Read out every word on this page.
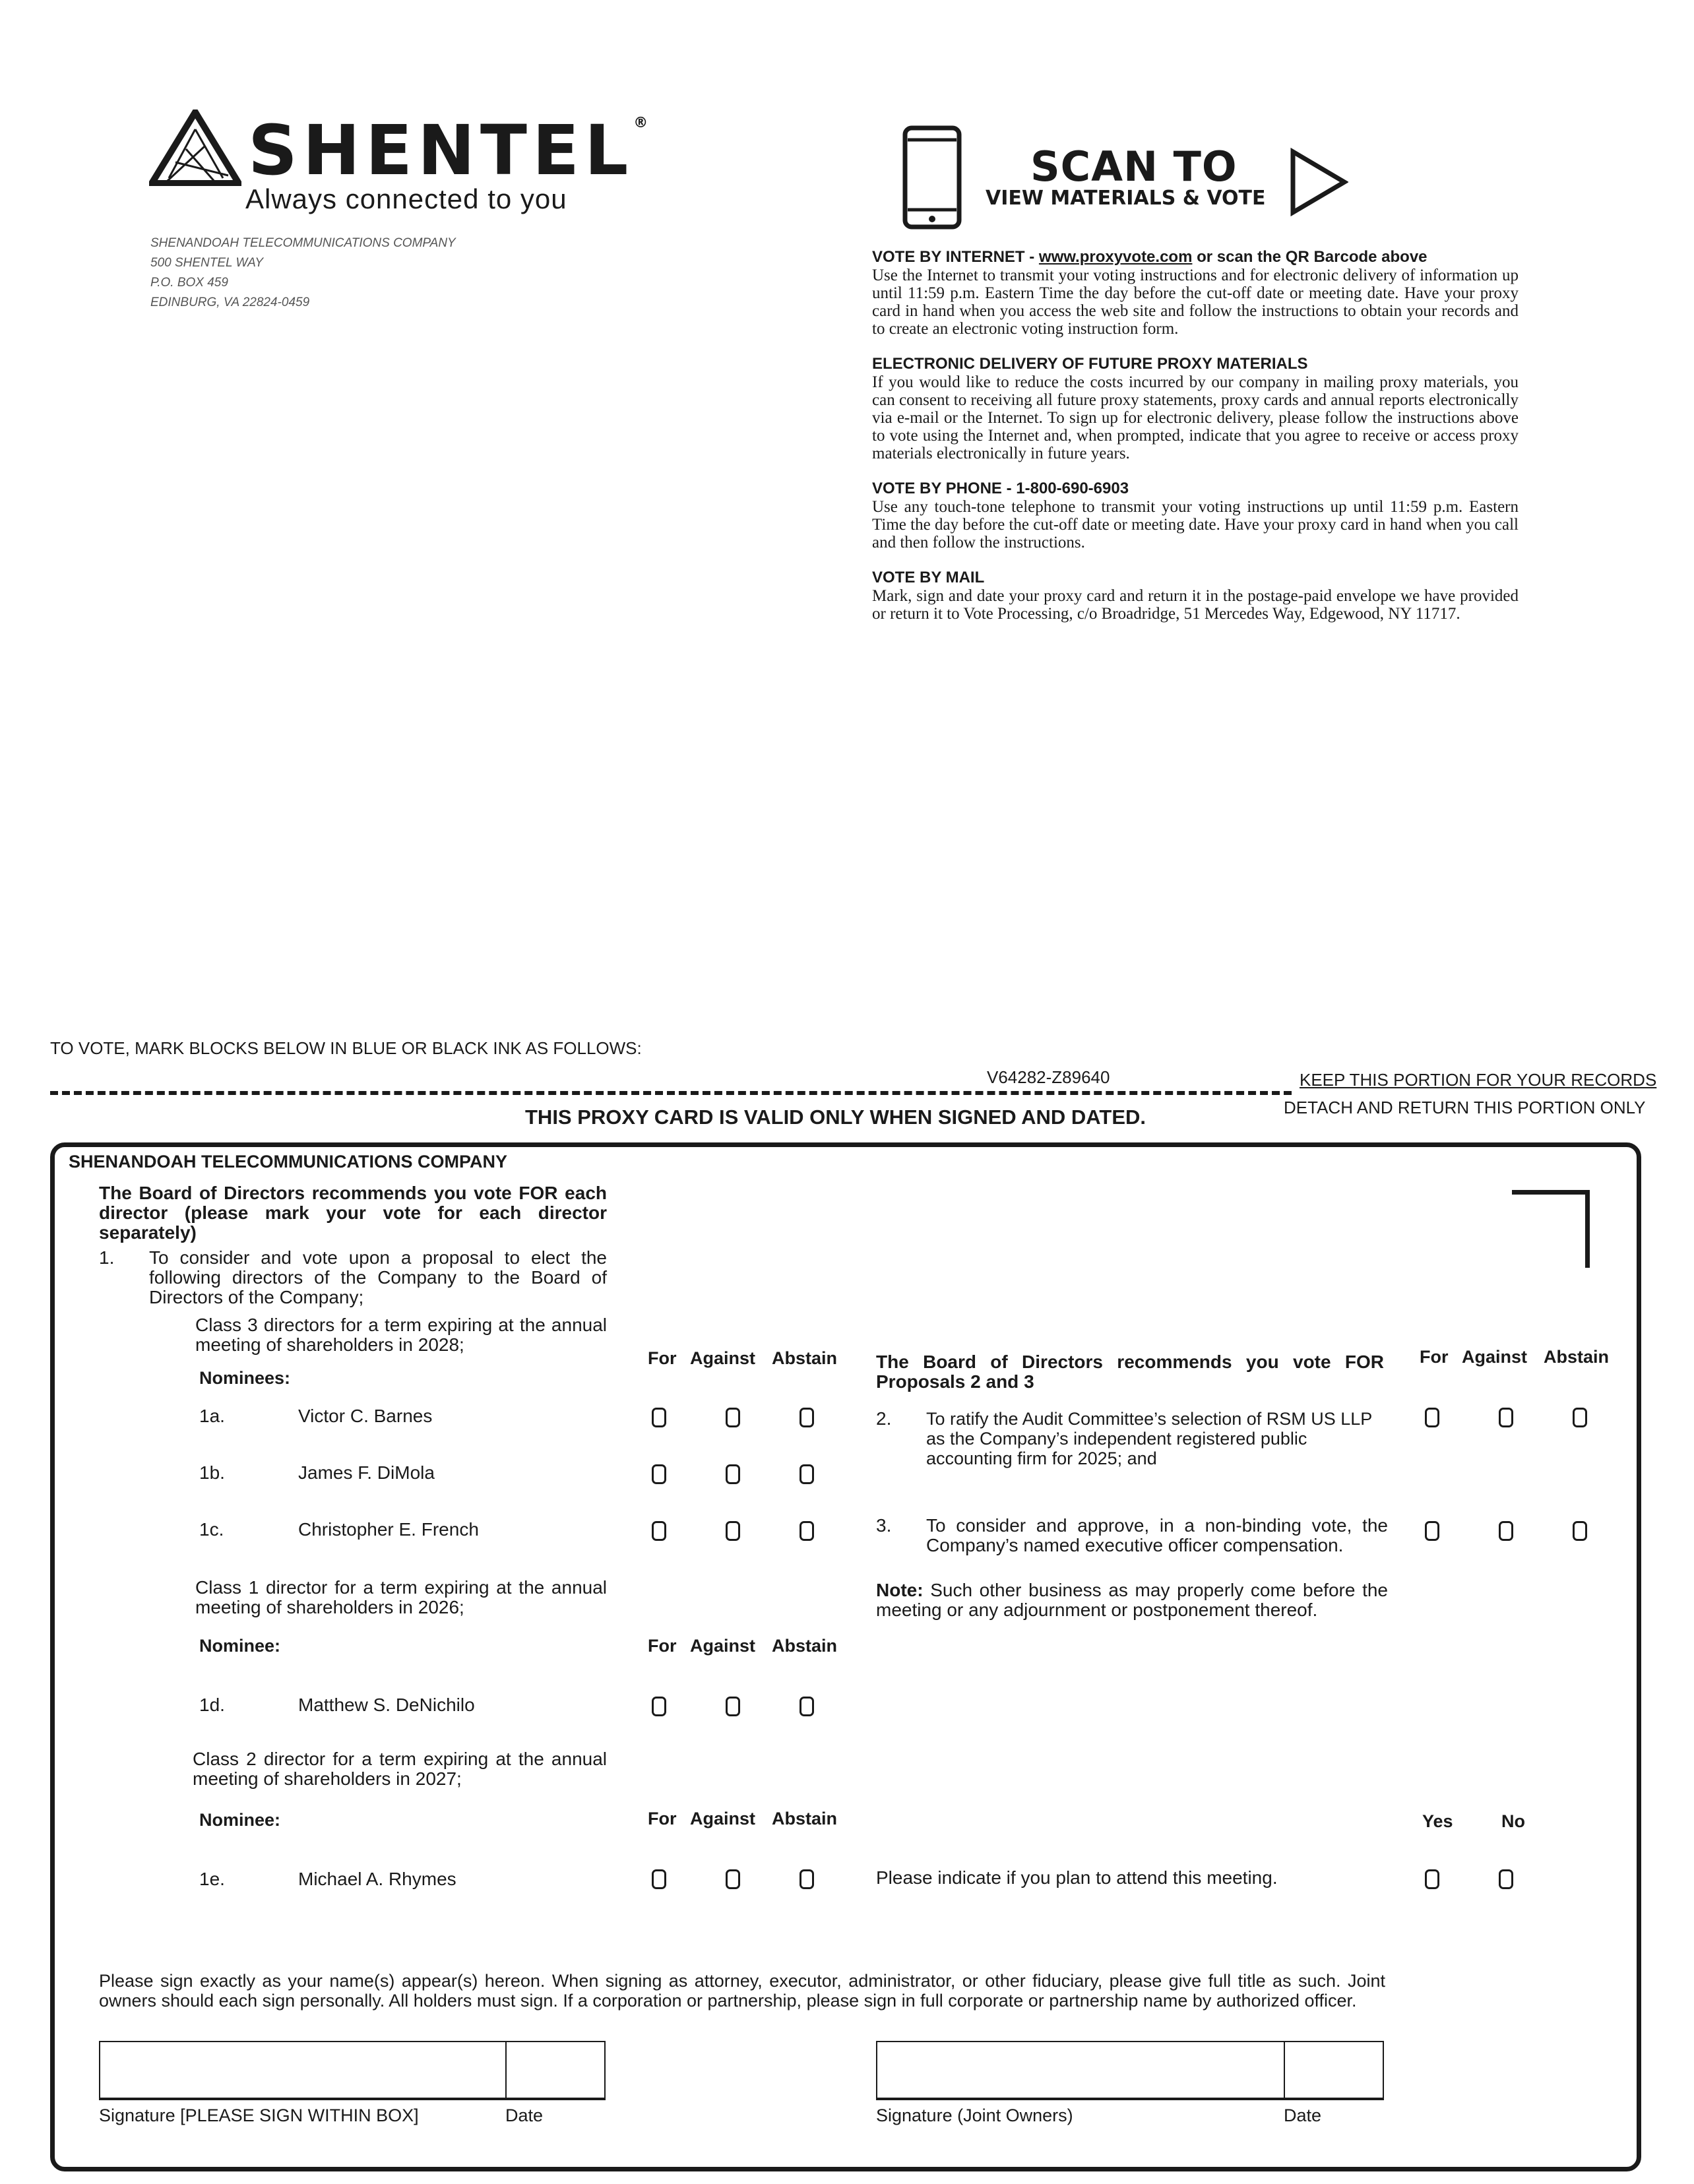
SHENTEL®
Always connected to you
SHENANDOAH TELECOMMUNICATIONS COMPANY
500 SHENTEL WAY
P.O. BOX 459
EDINBURG, VA 22824-0459
SCAN TO
VIEW MATERIALS & VOTE
VOTE BY INTERNET - www.proxyvote.com or scan the QR Barcode above
Use the Internet to transmit your voting instructions and for electronic delivery of information up until 11:59 p.m. Eastern Time the day before the cut-off date or meeting date. Have your proxy card in hand when you access the web site and follow the instructions to obtain your records and to create an electronic voting instruction form.
ELECTRONIC DELIVERY OF FUTURE PROXY MATERIALS
If you would like to reduce the costs incurred by our company in mailing proxy materials, you can consent to receiving all future proxy statements, proxy cards and annual reports electronically via e-mail or the Internet. To sign up for electronic delivery, please follow the instructions above to vote using the Internet and, when prompted, indicate that you agree to receive or access proxy materials electronically in future years.
VOTE BY PHONE - 1-800-690-6903
Use any touch-tone telephone to transmit your voting instructions up until 11:59 p.m. Eastern Time the day before the cut-off date or meeting date. Have your proxy card in hand when you call and then follow the instructions.
VOTE BY MAIL
Mark, sign and date your proxy card and return it in the postage-paid envelope we have provided or return it to Vote Processing, c/o Broadridge, 51 Mercedes Way, Edgewood, NY 11717.
TO VOTE, MARK BLOCKS BELOW IN BLUE OR BLACK INK AS FOLLOWS:
V64282-Z89640	KEEP THIS PORTION FOR YOUR RECORDS
DETACH AND RETURN THIS PORTION ONLY
THIS PROXY CARD IS VALID ONLY WHEN SIGNED AND DATED.
SHENANDOAH TELECOMMUNICATIONS COMPANY
The Board of Directors recommends you vote FOR each director (please mark your vote for each director separately)
1. To consider and vote upon a proposal to elect the following directors of the Company to the Board of Directors of the Company;
Class 3 directors for a term expiring at the annual meeting of shareholders in 2028;
Nominees:
For Against Abstain
1a.	Victor C. Barnes
1b.	James F. DiMola
1c.	Christopher E. French
Class 1 director for a term expiring at the annual meeting of shareholders in 2026;
Nominee:	For Against Abstain
1d.	Matthew S. DeNichilo
Class 2 director for a term expiring at the annual meeting of shareholders in 2027;
Nominee:	For Against Abstain
1e.	Michael A. Rhymes
The Board of Directors recommends you vote FOR Proposals 2 and 3
For Against Abstain
2. To ratify the Audit Committee’s selection of RSM US LLP as the Company’s independent registered public accounting firm for 2025; and
3. To consider and approve, in a non-binding vote, the Company’s named executive officer compensation.
Note: Such other business as may properly come before the meeting or any adjournment or postponement thereof.
Yes	No
Please indicate if you plan to attend this meeting.
Please sign exactly as your name(s) appear(s) hereon. When signing as attorney, executor, administrator, or other fiduciary, please give full title as such. Joint owners should each sign personally. All holders must sign. If a corporation or partnership, please sign in full corporate or partnership name by authorized officer.
Signature [PLEASE SIGN WITHIN BOX]	Date	Signature (Joint Owners)	Date
